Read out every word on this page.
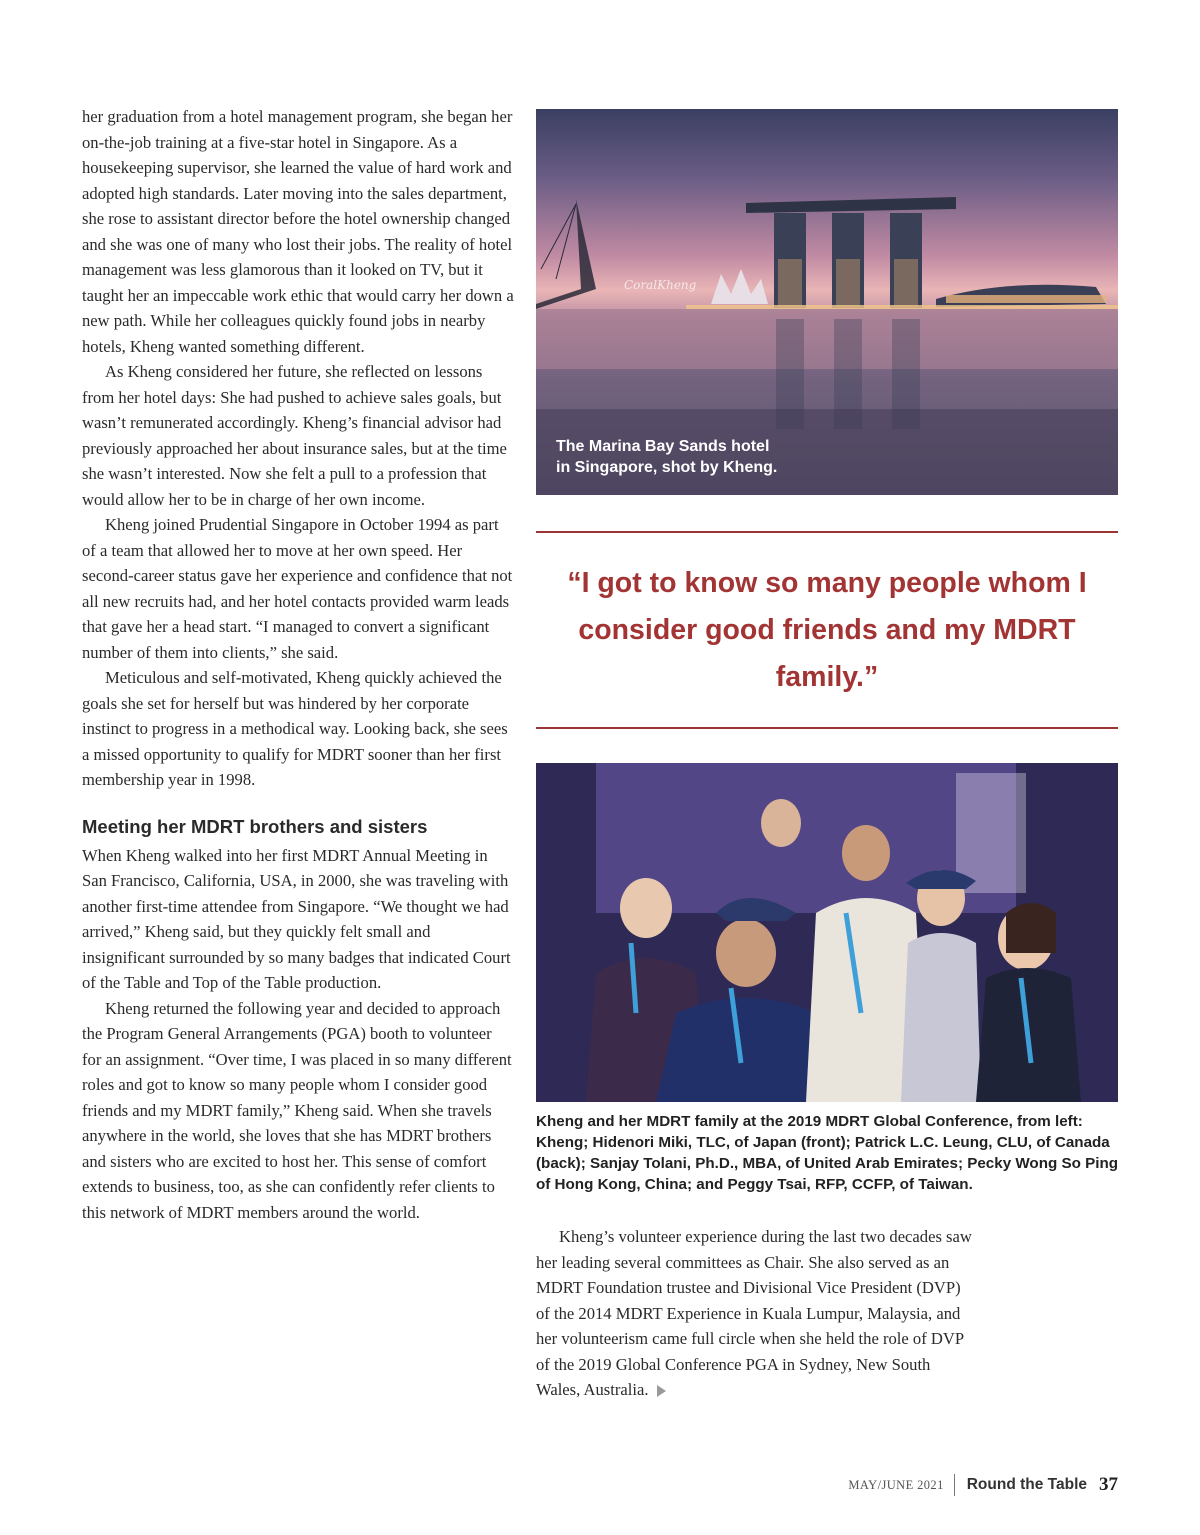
her graduation from a hotel management program, she began her on-the-job training at a five-star hotel in Singapore. As a housekeeping supervisor, she learned the value of hard work and adopted high standards. Later moving into the sales department, she rose to assistant director before the hotel ownership changed and she was one of many who lost their jobs. The reality of hotel management was less glamorous than it looked on TV, but it taught her an impeccable work ethic that would carry her down a new path. While her colleagues quickly found jobs in nearby hotels, Kheng wanted something different.

As Kheng considered her future, she reflected on lessons from her hotel days: She had pushed to achieve sales goals, but wasn’t remunerated accordingly. Kheng’s financial advisor had previously approached her about insurance sales, but at the time she wasn’t interested. Now she felt a pull to a profession that would allow her to be in charge of her own income.

Kheng joined Prudential Singapore in October 1994 as part of a team that allowed her to move at her own speed. Her second-career status gave her experience and confidence that not all new recruits had, and her hotel contacts provided warm leads that gave her a head start. “I managed to convert a significant number of them into clients,” she said.

Meticulous and self-motivated, Kheng quickly achieved the goals she set for herself but was hindered by her corporate instinct to progress in a methodical way. Looking back, she sees a missed opportunity to qualify for MDRT sooner than her first membership year in 1998.

Meeting her MDRT brothers and sisters

When Kheng walked into her first MDRT Annual Meeting in San Francisco, California, USA, in 2000, she was traveling with another first-time attendee from Singapore. “We thought we had arrived,” Kheng said, but they quickly felt small and insignificant surrounded by so many badges that indicated Court of the Table and Top of the Table production.

Kheng returned the following year and decided to approach the Program General Arrangements (PGA) booth to volunteer for an assignment. “Over time, I was placed in so many different roles and got to know so many people whom I consider good friends and my MDRT family,” Kheng said. When she travels anywhere in the world, she loves that she has MDRT brothers and sisters who are excited to host her. This sense of comfort extends to business, too, as she can confidently refer clients to this network of MDRT members around the world.

CoralKheng
The Marina Bay Sands hotel
in Singapore, shot by Kheng.
“I got to know so many people whom I consider good friends and my MDRT family.”
Kheng and her MDRT family at the 2019 MDRT Global Conference, from left: Kheng; Hidenori Miki, TLC, of Japan (front); Patrick L.C. Leung, CLU, of Canada (back); Sanjay Tolani, Ph.D., MBA, of United Arab Emirates; Pecky Wong So Ping of Hong Kong, China; and Peggy Tsai, RFP, CCFP, of Taiwan.

Kheng’s volunteer experience during the last two decades saw her leading several committees as Chair. She also served as an MDRT Foundation trustee and Divisional Vice President (DVP) of the 2014 MDRT Experience in Kuala Lumpur, Malaysia, and her volunteerism came full circle when she held the role of DVP of the 2019 Global Conference PGA in Sydney, New South Wales, Australia.

MAY/JUNE 2021	Round the Table 37
